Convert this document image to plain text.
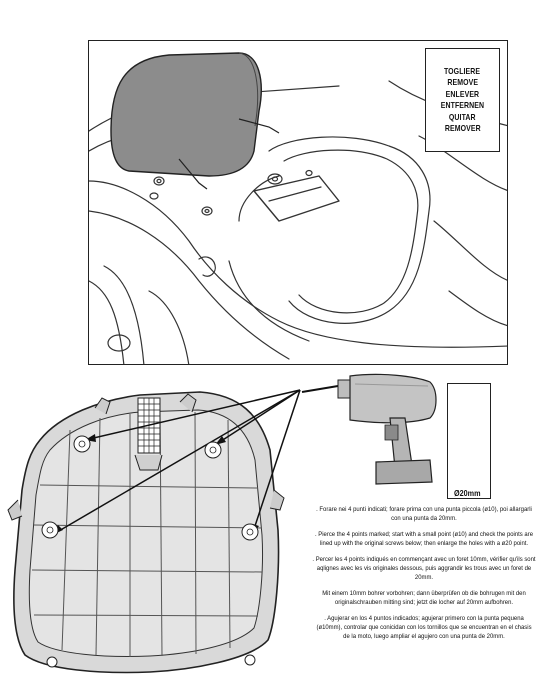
TOGLIERE
REMOVE
ENLEVER
ENTFERNEN
QUITAR
REMOVER
Ø20mm

. Forare nei 4 punti indicati; forare prima con una punta piccola (ø10), poi allargarli con una punta da 20mm.

. Pierce the 4 points marked; start with a small point (ø10) and check the points are lined up with the original screws below; then enlarge the holes with a ø20 point.

. Percer les 4 points indiqués en commençant avec un foret 10mm, vérifier qu'ils sont aqlignes avec les vis originales dessous, puis aggrandir les trous avec un foret de 20mm.

Mit einem 10mm bohrer vorbohren; dann überprüfen ob die bohrugen mit den originalschrauben mitting sind; jetzt die locher auf 20mm aufbohren.

. Agujerar en los 4 puntos indicados; agujerar primero con la punta pequena (ø10mm), controlar que conicidan con los tornillos que se encuentran en el chasis de la moto, luego ampliar el agujero con una punta de 20mm.
